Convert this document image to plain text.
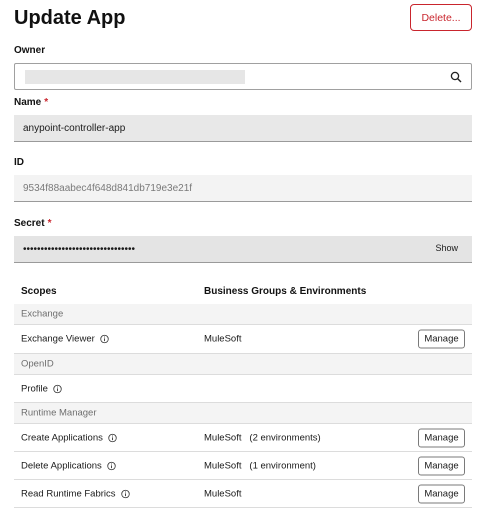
Update App	Delete...
Owner
Name *
anypoint-controller-app
ID
9534f88aabec4f648d841db719e3e21f
Secret *
••••••••••••••••••••••••••••••••	Show
Scopes	Business Groups & Environments
Exchange
Exchange Viewer	MuleSoft	Manage
OpenID
Profile
Runtime Manager
Create Applications	MuleSoft   (2 environments)	Manage
Delete Applications	MuleSoft   (1 environment)	Manage
Read Runtime Fabrics	MuleSoft	Manage
